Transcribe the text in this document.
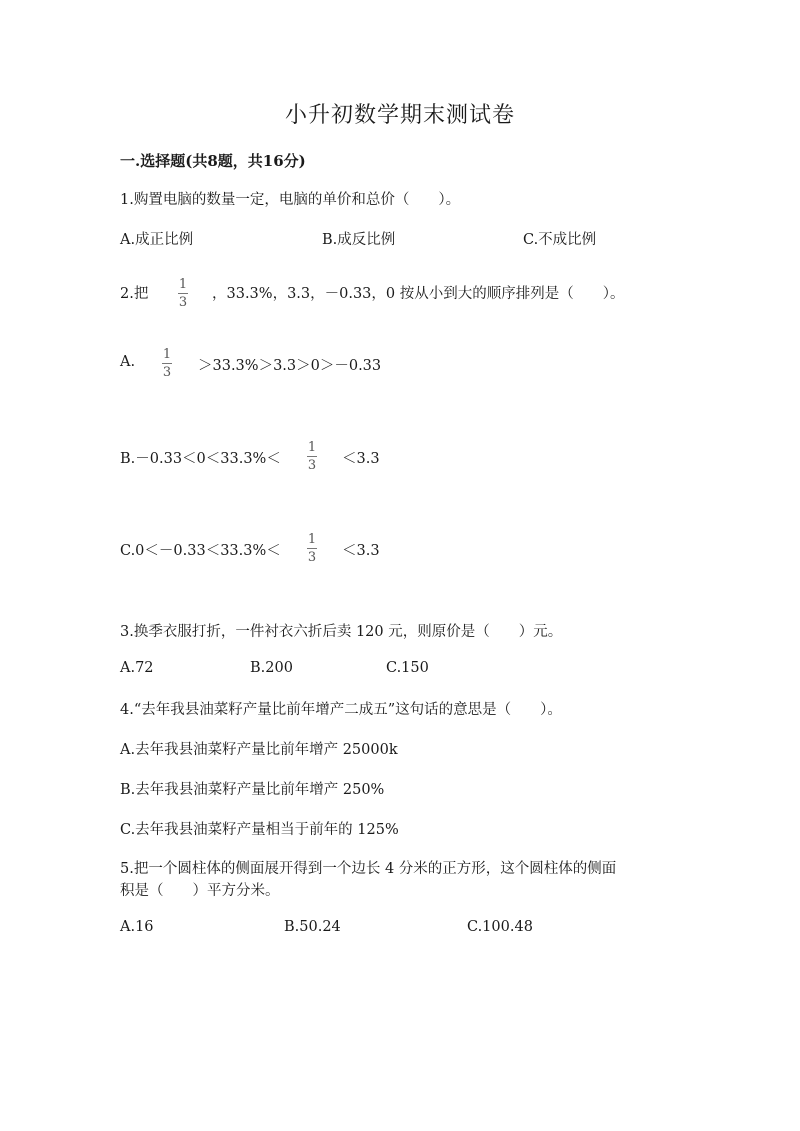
小升初数学期末测试卷
一.选择题(共8题，共16分)
1.购置电脑的数量一定，电脑的单价和总价（　　）。
A.成正比例	B.成反比例	C.不成比例
2.把
1
3
，33.3%，3.3，－0.33，0 按从小到大的顺序排列是（　　）。
A. 1
3 ＞33.3%＞3.3＞0＞－0.33
B.－0.33＜0＜33.3%＜
1
3 ＜3.3
C.0＜－0.33＜33.3%＜
1
3 ＜3.3
3.换季衣服打折，一件衬衣六折后卖 120 元，则原价是（　　）元。
A.72	B.200	C.150
4.“去年我县油菜籽产量比前年增产二成五”这句话的意思是（　　）。
A.去年我县油菜籽产量比前年增产 25000k
B.去年我县油菜籽产量比前年增产 250%
C.去年我县油菜籽产量相当于前年的 125%
5.把一个圆柱体的侧面展开得到一个边长 4 分米的正方形，这个圆柱体的侧面
积是（　　）平方分米。
A.16	B.50.24	C.100.48
